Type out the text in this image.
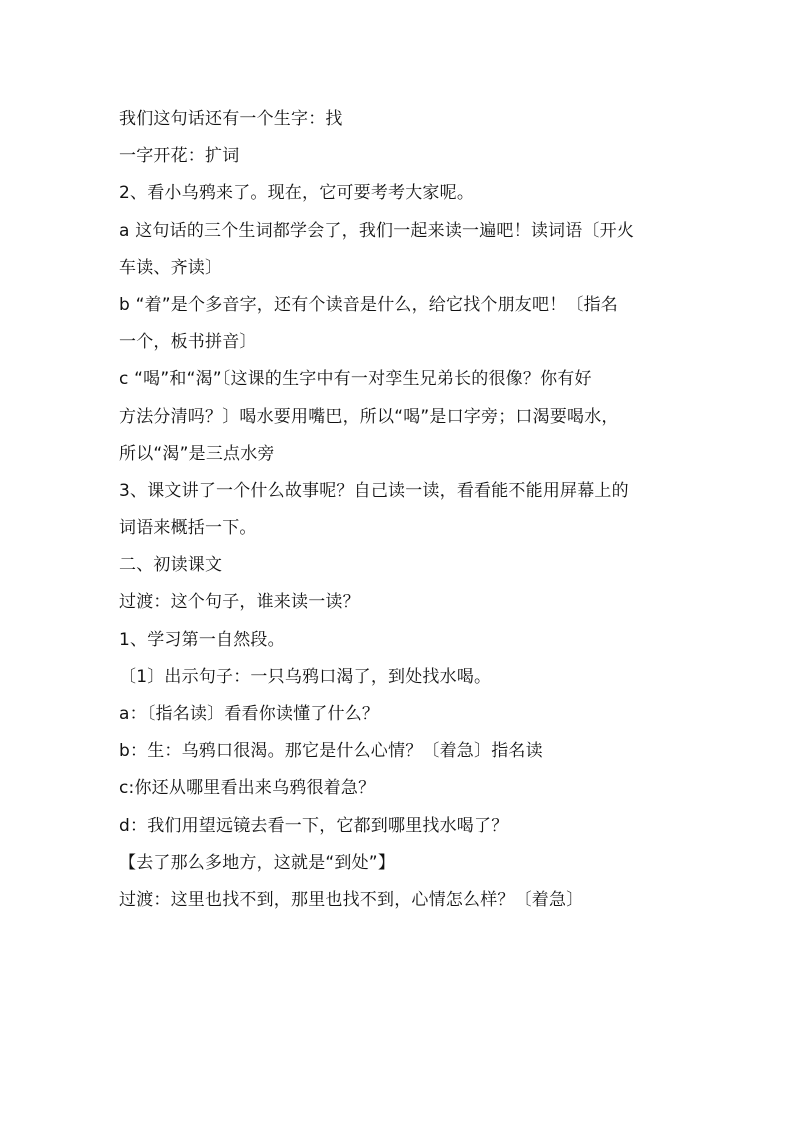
我们这句话还有一个生字：找
一字开花：扩词
2、看小乌鸦来了。现在，它可要考考大家呢。
a 这句话的三个生词都学会了，我们一起来读一遍吧！读词语〔开火
车读、齐读〕
b “着”是个多音字，还有个读音是什么，给它找个朋友吧！〔指名
一个，板书拼音〕
c “喝”和“渴”〔这课的生字中有一对孪生兄弟长的很像？你有好
方法分清吗？〕喝水要用嘴巴，所以“喝”是口字旁；口渴要喝水，
所以“渴”是三点水旁
3、课文讲了一个什么故事呢？自己读一读，看看能不能用屏幕上的
词语来概括一下。
二、初读课文
过渡：这个句子，谁来读一读？
1、学习第一自然段。
〔1〕出示句子：一只乌鸦口渴了，到处找水喝。
a：〔指名读〕看看你读懂了什么？
b：生：乌鸦口很渴。那它是什么心情？〔着急〕指名读
c:你还从哪里看出来乌鸦很着急？
d：我们用望远镜去看一下，它都到哪里找水喝了？
【去了那么多地方，这就是“到处”】
过渡：这里也找不到，那里也找不到，心情怎么样？〔着急〕
